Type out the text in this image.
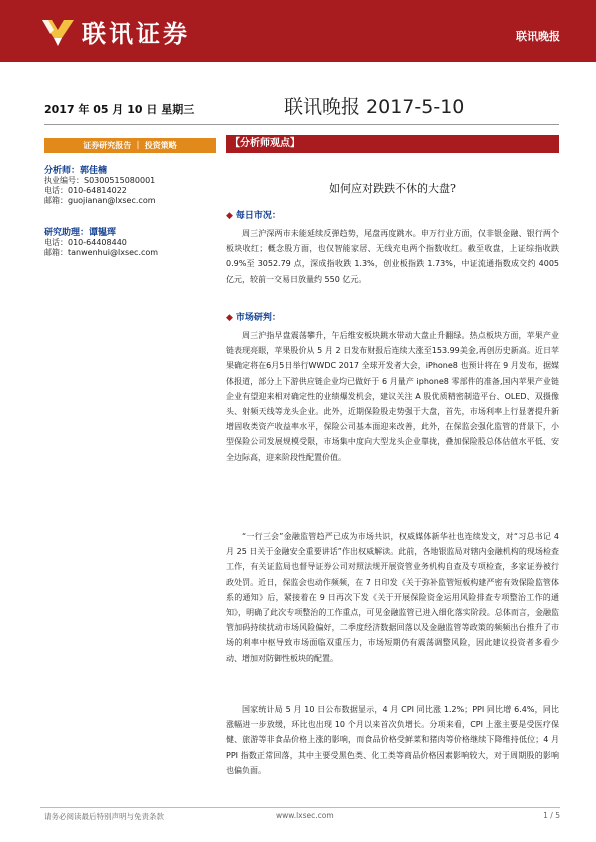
联讯证券	联讯晚报
2017 年 05 月 10 日 星期三	联讯晚报 2017-5-10
证券研究报告 ｜ 投资策略	【分析师观点】
分析师：郭佳楠
执业编号：S0300515080001
电话：010-64814022
邮箱：guojianan@lxsec.com
研究助理：谭韫珲
电话：010-64408440
邮箱：tanwenhui@lxsec.com
如何应对跌跌不休的大盘?
◆ 每日市况：
周三沪深两市未能延续反弹趋势，尾盘再度跳水。申万行业方面，仅非银金融、银行两个板块收红；概念股方面，也仅智能家居、无线充电两个指数收红。截至收盘，上证综指收跌 0.9%至 3052.79 点，深成指收跌 1.3%，创业板指跌 1.73%，中证流通指数成交约 4005 亿元，较前一交易日放量约 550 亿元。
◆ 市场研判：
周三沪指早盘震荡攀升，午后维安板块跳水带动大盘止升翻绿。热点板块方面，苹果产业链表现亮眼，苹果股价从 5 月 2 日发布财报后连续大涨至153.99美金,再创历史新高。近日苹果确定将在6月5日举行WWDC 2017 全球开发者大会，iPhone8 也预计将在 9 月发布，据媒体报道，部分上下游供应链企业均已做好于 6 月量产 iphone8 零部件的准备,国内苹果产业链企业有望迎来相对确定性的业绩爆发机会，建议关注 A 股优质精密制造平台、OLED、双摄像头、射频天线等龙头企业。此外，近期保险股走势强于大盘，首先，市场利率上行显著提升新增固收类资产收益率水平，保险公司基本面迎来改善，此外，在保监会强化监管的背景下，小型保险公司发展规模受限，市场集中度向大型龙头企业靠拢，叠加保险股总体估值水平低、安全边际高，迎来阶段性配置价值。
“一行三会”金融监管趋严已成为市场共识，权威媒体新华社也连续发文，对“习总书记 4 月 25 日关于金融安全重要讲话”作出权威解读。此前，各地银监局对辖内金融机构的现场检查工作，有关证监局也督导证券公司对照法规开展资管业务机构自查及专项检查，多家证券被行政处罚。近日，保监会也动作频频，在 7 日印发《关于弥补监管短板构建严密有效保险监管体系的通知》后，紧接着在 9 日再次下发《关于开展保险资金运用风险排查专项整治工作的通知》，明确了此次专项整治的工作重点，可见金融监管已进入细化落实阶段。总体而言，金融监管加码持续扰动市场风险偏好，二季度经济数据回落以及金融监管等政策的频频出台推升了市场的利率中枢导致市场面临双重压力，市场短期仍有震荡调整风险，因此建议投资者多看少动、增加对防御性板块的配置。
国家统计局 5 月 10 日公布数据显示，4 月 CPI 同比涨 1.2%；PPI 同比增 6.4%，同比涨幅进一步放缓，环比也出现 10 个月以来首次负增长。分项来看，CPI 上涨主要是受医疗保健、旅游等非食品价格上涨的影响，而食品价格受鲜菜和猪肉等价格继续下降维持低位；4 月 PPI 指数正常回落，其中主要受黑色类、化工类等商品价格因素影响较大，对于周期股的影响也偏负面。
请务必阅读最后特别声明与免责条款	www.lxsec.com	1 / 5
